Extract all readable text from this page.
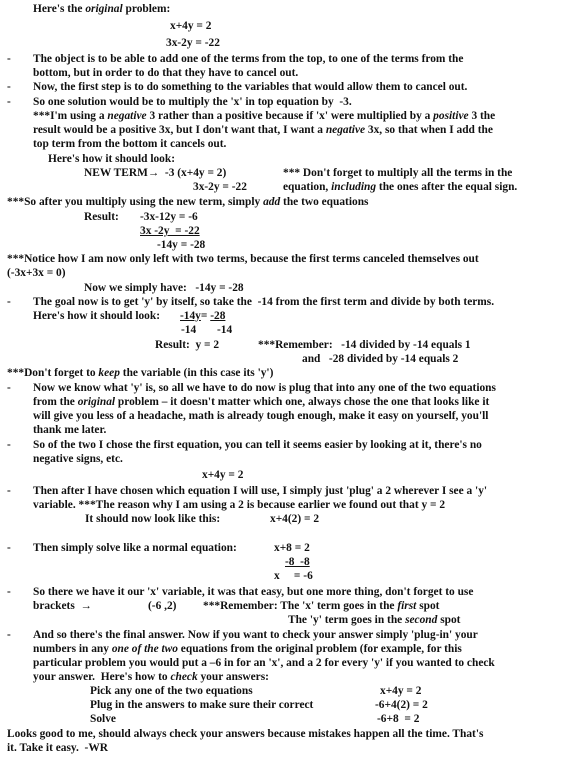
Here's the original problem:
x+4y = 2
3x-2y = -22
- The object is to be able to add one of the terms from the top, to one of the terms from the
bottom, but in order to do that they have to cancel out.
- Now, the first step is to do something to the variables that would allow them to cancel out.
- So one solution would be to multiply the 'x' in top equation by  -3.
***I'm using a negative 3 rather than a positive because if 'x' were multiplied by a positive 3 the
result would be a positive 3x, but I don't want that, I want a negative 3x, so that when I add the
top term from the bottom it cancels out.
Here's how it should look:
NEW TERM→  -3 (x+4y = 2)	*** Don't forget to multiply all the terms in the
3x-2y = -22	equation, including the ones after the equal sign.
***So after you multiply using the new term, simply add the two equations
Result: -3x-12y = -6
3x -2y  = -22
-14y = -28
***Notice how I am now only left with two terms, because the first terms canceled themselves out
(-3x+3x = 0)
Now we simply have:   -14y = -28
- The goal now is to get 'y' by itself, so take the  -14 from the first term and divide by both terms.
Here's how it should look: -14y= -28
-14 -14
Result:  y = 2	***Remember:   -14 divided by -14 equals 1
and   -28 divided by -14 equals 2
***Don't forget to keep the variable (in this case its 'y')
- Now we know what 'y' is, so all we have to do now is plug that into any one of the two equations
from the original problem – it doesn't matter which one, always chose the one that looks like it
will give you less of a headache, math is already tough enough, make it easy on yourself, you'll
thank me later.
- So of the two I chose the first equation, you can tell it seems easier by looking at it, there's no
negative signs, etc.
x+4y = 2
- Then after I have chosen which equation I will use, I simply just 'plug' a 2 wherever I see a 'y'
variable. ***The reason why I am using a 2 is because earlier we found out that y = 2
It should now look like this:	x+4(2) = 2
- Then simply solve like a normal equation:	x+8 = 2
-8  -8
x     = -6
- So there we have it our 'x' variable, it was that easy, but one more thing, don't forget to use
brackets  →	(-6 ,2) ***Remember: The 'x' term goes in the first spot
The 'y' term goes in the second spot
- And so there's the final answer. Now if you want to check your answer simply 'plug-in' your
numbers in any one of the two equations from the original problem (for example, for this
particular problem you would put a –6 in for an 'x', and a 2 for every 'y' if you wanted to check
your answer.  Here's how to check your answers:
Pick any one of the two equations	x+4y = 2
Plug in the answers to make sure their correct	-6+4(2) = 2
Solve	-6+8  = 2
Looks good to me, should always check your answers because mistakes happen all the time. That's
it. Take it easy.  -WR
